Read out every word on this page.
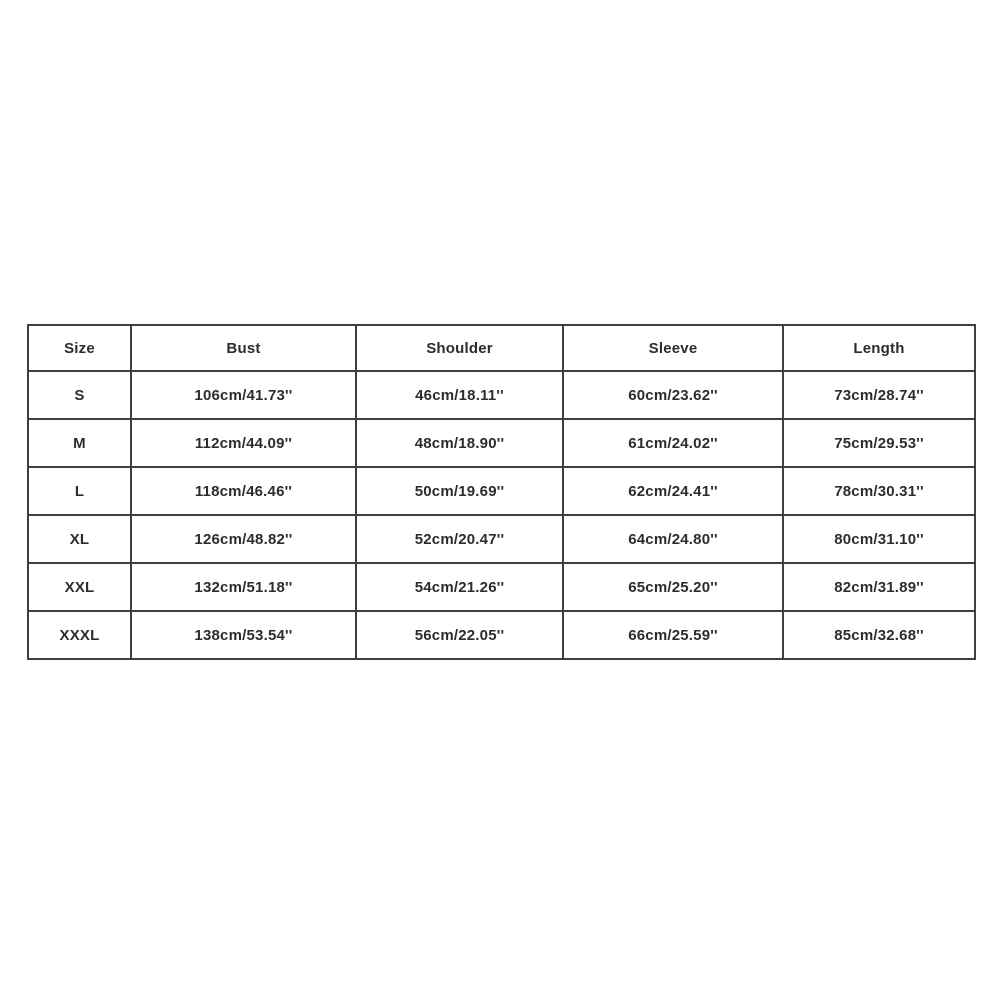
Size	Bust	Shoulder	Sleeve	Length
S	106cm/41.73''	46cm/18.11''	60cm/23.62''	73cm/28.74''
M	112cm/44.09''	48cm/18.90''	61cm/24.02''	75cm/29.53''
L	118cm/46.46''	50cm/19.69''	62cm/24.41''	78cm/30.31''
XL	126cm/48.82''	52cm/20.47''	64cm/24.80''	80cm/31.10''
XXL	132cm/51.18''	54cm/21.26''	65cm/25.20''	82cm/31.89''
XXXL	138cm/53.54''	56cm/22.05''	66cm/25.59''	85cm/32.68''
